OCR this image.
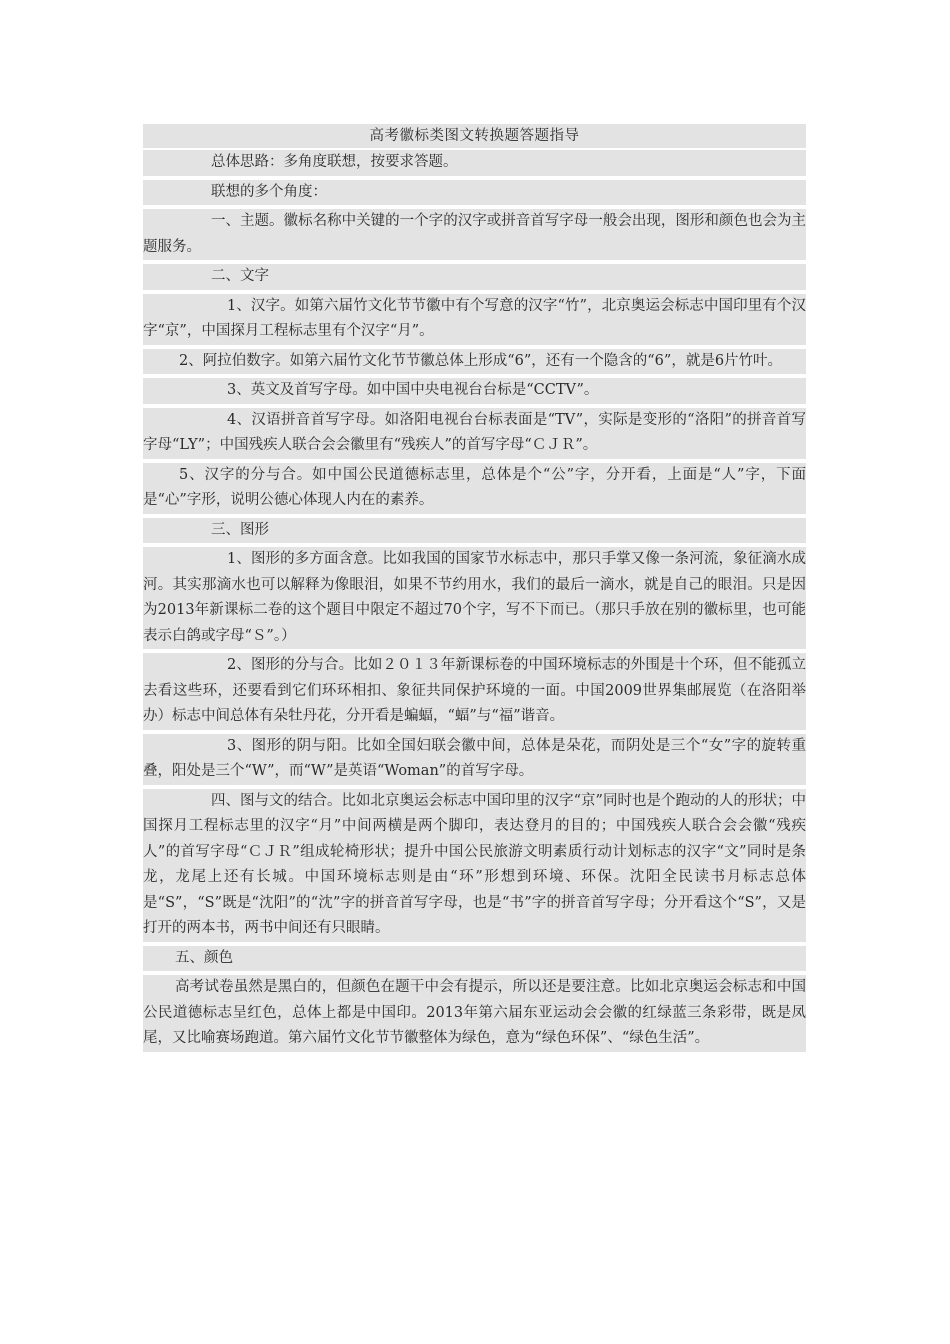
高考徽标类图文转换题答题指导
总体思路：多角度联想，按要求答题。
联想的多个角度：
一、主题。徽标名称中关键的一个字的汉字或拼音首写字母一般会出现，图形和颜色也会为主题服务。
二、文字
1、汉字。如第六届竹文化节节徽中有个写意的汉字“竹”，北京奥运会标志中国印里有个汉字“京”，中国探月工程标志里有个汉字“月”。
2、阿拉伯数字。如第六届竹文化节节徽总体上形成“6”，还有一个隐含的“6”，就是6片竹叶。
3、英文及首写字母。如中国中央电视台台标是“CCTV”。
4、汉语拼音首写字母。如洛阳电视台台标表面是“TV”，实际是变形的“洛阳”的拼音首写字母“LY”；中国残疾人联合会会徽里有“残疾人”的首写字母“ＣＪＲ”。
5、汉字的分与合。如中国公民道德标志里，总体是个“公”字，分开看，上面是“人”字，下面是“心”字形，说明公德心体现人内在的素养。
三、图形
1、图形的多方面含意。比如我国的国家节水标志中，那只手掌又像一条河流，象征滴水成河。其实那滴水也可以解释为像眼泪，如果不节约用水，我们的最后一滴水，就是自己的眼泪。只是因为2013年新课标二卷的这个题目中限定不超过70个字，写不下而已。（那只手放在别的徽标里，也可能表示白鸽或字母“Ｓ”。）
2、图形的分与合。比如２０１３年新课标卷的中国环境标志的外围是十个环，但不能孤立去看这些环，还要看到它们环环相扣、象征共同保护环境的一面。中国2009世界集邮展览（在洛阳举办）标志中间总体有朵牡丹花，分开看是蝙蝠，“蝠”与“福”谐音。
3、图形的阴与阳。比如全国妇联会徽中间，总体是朵花，而阴处是三个“女”字的旋转重叠，阳处是三个“W”，而“W”是英语“Woman”的首写字母。
四、图与文的结合。比如北京奥运会标志中国印里的汉字“京”同时也是个跑动的人的形状；中国探月工程标志里的汉字“月”中间两横是两个脚印，表达登月的目的；中国残疾人联合会会徽“残疾人”的首写字母“ＣＪＲ”组成轮椅形状；提升中国公民旅游文明素质行动计划标志的汉字“文”同时是条龙，龙尾上还有长城。中国环境标志则是由“环”形想到环境、环保。沈阳全民读书月标志总体是“S”，“S”既是“沈阳”的“沈”字的拼音首写字母，也是“书”字的拼音首写字母；分开看这个“S”，又是打开的两本书，两书中间还有只眼睛。
五、颜色
高考试卷虽然是黑白的，但颜色在题干中会有提示，所以还是要注意。比如北京奥运会标志和中国公民道德标志呈红色，总体上都是中国印。2013年第六届东亚运动会会徽的红绿蓝三条彩带，既是凤尾，又比喻赛场跑道。第六届竹文化节节徽整体为绿色，意为“绿色环保”、“绿色生活”。
